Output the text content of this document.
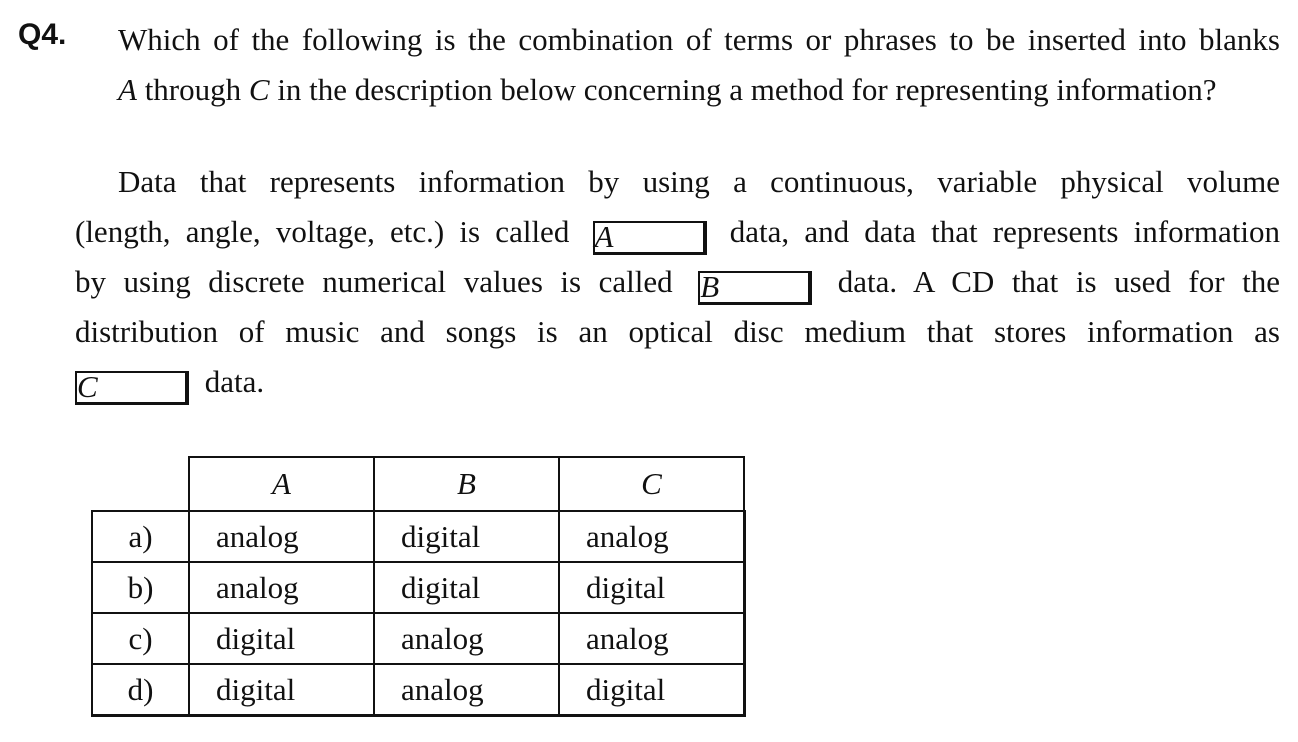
Q4. Which of the following is the combination of terms or phrases to be inserted into blanks
A through C in the description below concerning a method for representing information?
Data that represents information by using a continuous, variable physical volume
(length, angle, voltage, etc.) is called A	data, and data that represents information
by using discrete numerical values is called B	data. A CD that is used for the
distribution of music and songs is an optical disc medium that stores information as
C	data.
	A	B	C
a)	analog	digital	analog
b)	analog	digital	digital
c)	digital	analog	analog
d)	digital	analog	digital
